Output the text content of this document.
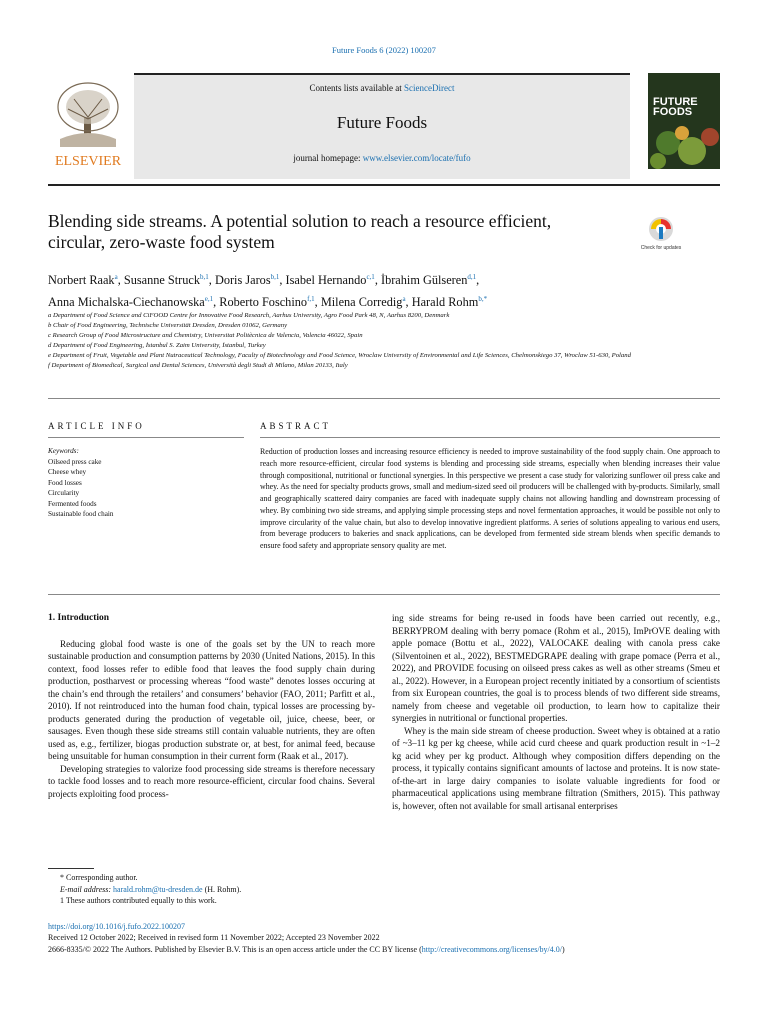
Future Foods 6 (2022) 100207
ELSEVIER
Contents lists available at ScienceDirect
Future Foods
journal homepage: www.elsevier.com/locate/fufo
FUTURE FOODS
Blending side streams. A potential solution to reach a resource efficient, circular, zero-waste food system	Check for updates
Norbert Raak$^a$, Susanne Struck$^{b,1}$, Doris Jaros$^{b,1}$, Isabel Hernando$^{c,1}$, İbrahim Gülseren$^{d,1}$,
Anna Michalska-Ciechanowska$^{e,1}$, Roberto Foschino$^{f,1}$, Milena Corredig$^a$, Harald Rohm$^{b,*}$
a Department of Food Science and CiFOOD Centre for Innovative Food Research, Aarhus University, Agro Food Park 48, N, Aarhus 8200, Denmark
b Chair of Food Engineering, Technische Universität Dresden, Dresden 01062, Germany
c Research Group of Food Microstructure and Chemistry, Universitat Politècnica de Valencia, Valencia 46022, Spain
d Department of Food Engineering, İstanbul S. Zaim University, İstanbul, Turkey
e Department of Fruit, Vegetable and Plant Nutraceutical Technology, Faculty of Biotechnology and Food Science, Wroclaw University of Environmental and Life Sciences, Chelmonskiego 37, Wroclaw 51-630, Poland
f Department of Biomedical, Surgical and Dental Sciences, Università degli Studi di Milano, Milan 20133, Italy
ARTICLE INFO	ABSTRACT
Keywords:
Oilseed press cake
Cheese whey
Food losses
Circularity
Fermented foods
Sustainable food chain
Reduction of production losses and increasing resource efficiency is needed to improve sustainability of the food supply chain. One approach to reach more resource-efficient, circular food systems is blending and processing side streams, especially when blending increases their value through compositional, nutritional or functional synergies. In this perspective we present a case study for valorizing sunflower oil press cake and whey. As the need for specialty products grows, small and medium-sized seed oil producers will be challenged with by-products. Similarly, small and geographically scattered dairy companies are faced with inadequate supply chains not allowing handling and downstream processing of whey. By combining two side streams, and applying simple processing steps and novel fermentation approaches, it would be possible not only to improve circularity of the value chain, but also to develop innovative ingredient platforms. A series of solutions appealing to various end users, from beverage producers to bakeries and snack applications, can be developed from fermented side stream blends when specific demands to ensure food safety and appropriate sensory quality are met.
1. Introduction

Reducing global food waste is one of the goals set by the UN to reach more sustainable production and consumption patterns by 2030 (United Nations, 2015). In this context, food losses refer to edible food that leaves the food supply chain during production, postharvest or processing whereas “food waste” denotes losses occuring at the chain’s end through the retailers’ and consumers’ behavior (FAO, 2011; Parfitt et al., 2010). If not reintroduced into the human food chain, typical losses are processing by-products generated during the production of vegetable oil, juice, cheese, beer, or sausages. Even though these side streams still contain valuable nutrients, they are often used as, e.g., fertilizer, biogas production substrate or, at best, for animal feed, because being unsuitable for human consumption in their current form (Raak et al., 2017).

Developing strategies to valorize food processing side streams is therefore necessary to tackle food losses and to reach more resource-efficient, circular food chains. Several projects exploiting food process-

ing side streams for being re-used in foods have been carried out recently, e.g., BERRYPROM dealing with berry pomace (Rohm et al., 2015), ImPrOVE dealing with apple pomace (Bottu et al., 2022), VALOCAKE dealing with canola press cake (Silventoinen et al., 2022), BESTMEDGRAPE dealing with grape pomace (Perra et al., 2022), and PROVIDE focusing on oilseed press cakes as well as other streams (Smeu et al., 2022). However, in a European project recently initiated by a consortium of scientists from six European countries, the goal is to process blends of two different side streams, namely from cheese and vegetable oil production, to learn how to capitalize their synergies in nutritional or functional properties.

Whey is the main side stream of cheese production. Sweet whey is obtained at a ratio of ~3–11 kg per kg cheese, while acid curd cheese and quark production result in ~1–2 kg acid whey per kg product. Although whey composition differs depending on the process, it typically contains significant amounts of lactose and proteins. It is now state-of-the-art in large dairy companies to isolate valuable ingredients for food or pharmaceutical applications using membrane filtration (Smithers, 2015). This pathway is, however, often not available for small artisanal enterprises

* Corresponding author.
E-mail address: harald.rohm@tu-dresden.de (H. Rohm).
1 These authors contributed equally to this work.
https://doi.org/10.1016/j.fufo.2022.100207
Received 12 October 2022; Received in revised form 11 November 2022; Accepted 23 November 2022
2666-8335/© 2022 The Authors. Published by Elsevier B.V. This is an open access article under the CC BY license (http://creativecommons.org/licenses/by/4.0/)
